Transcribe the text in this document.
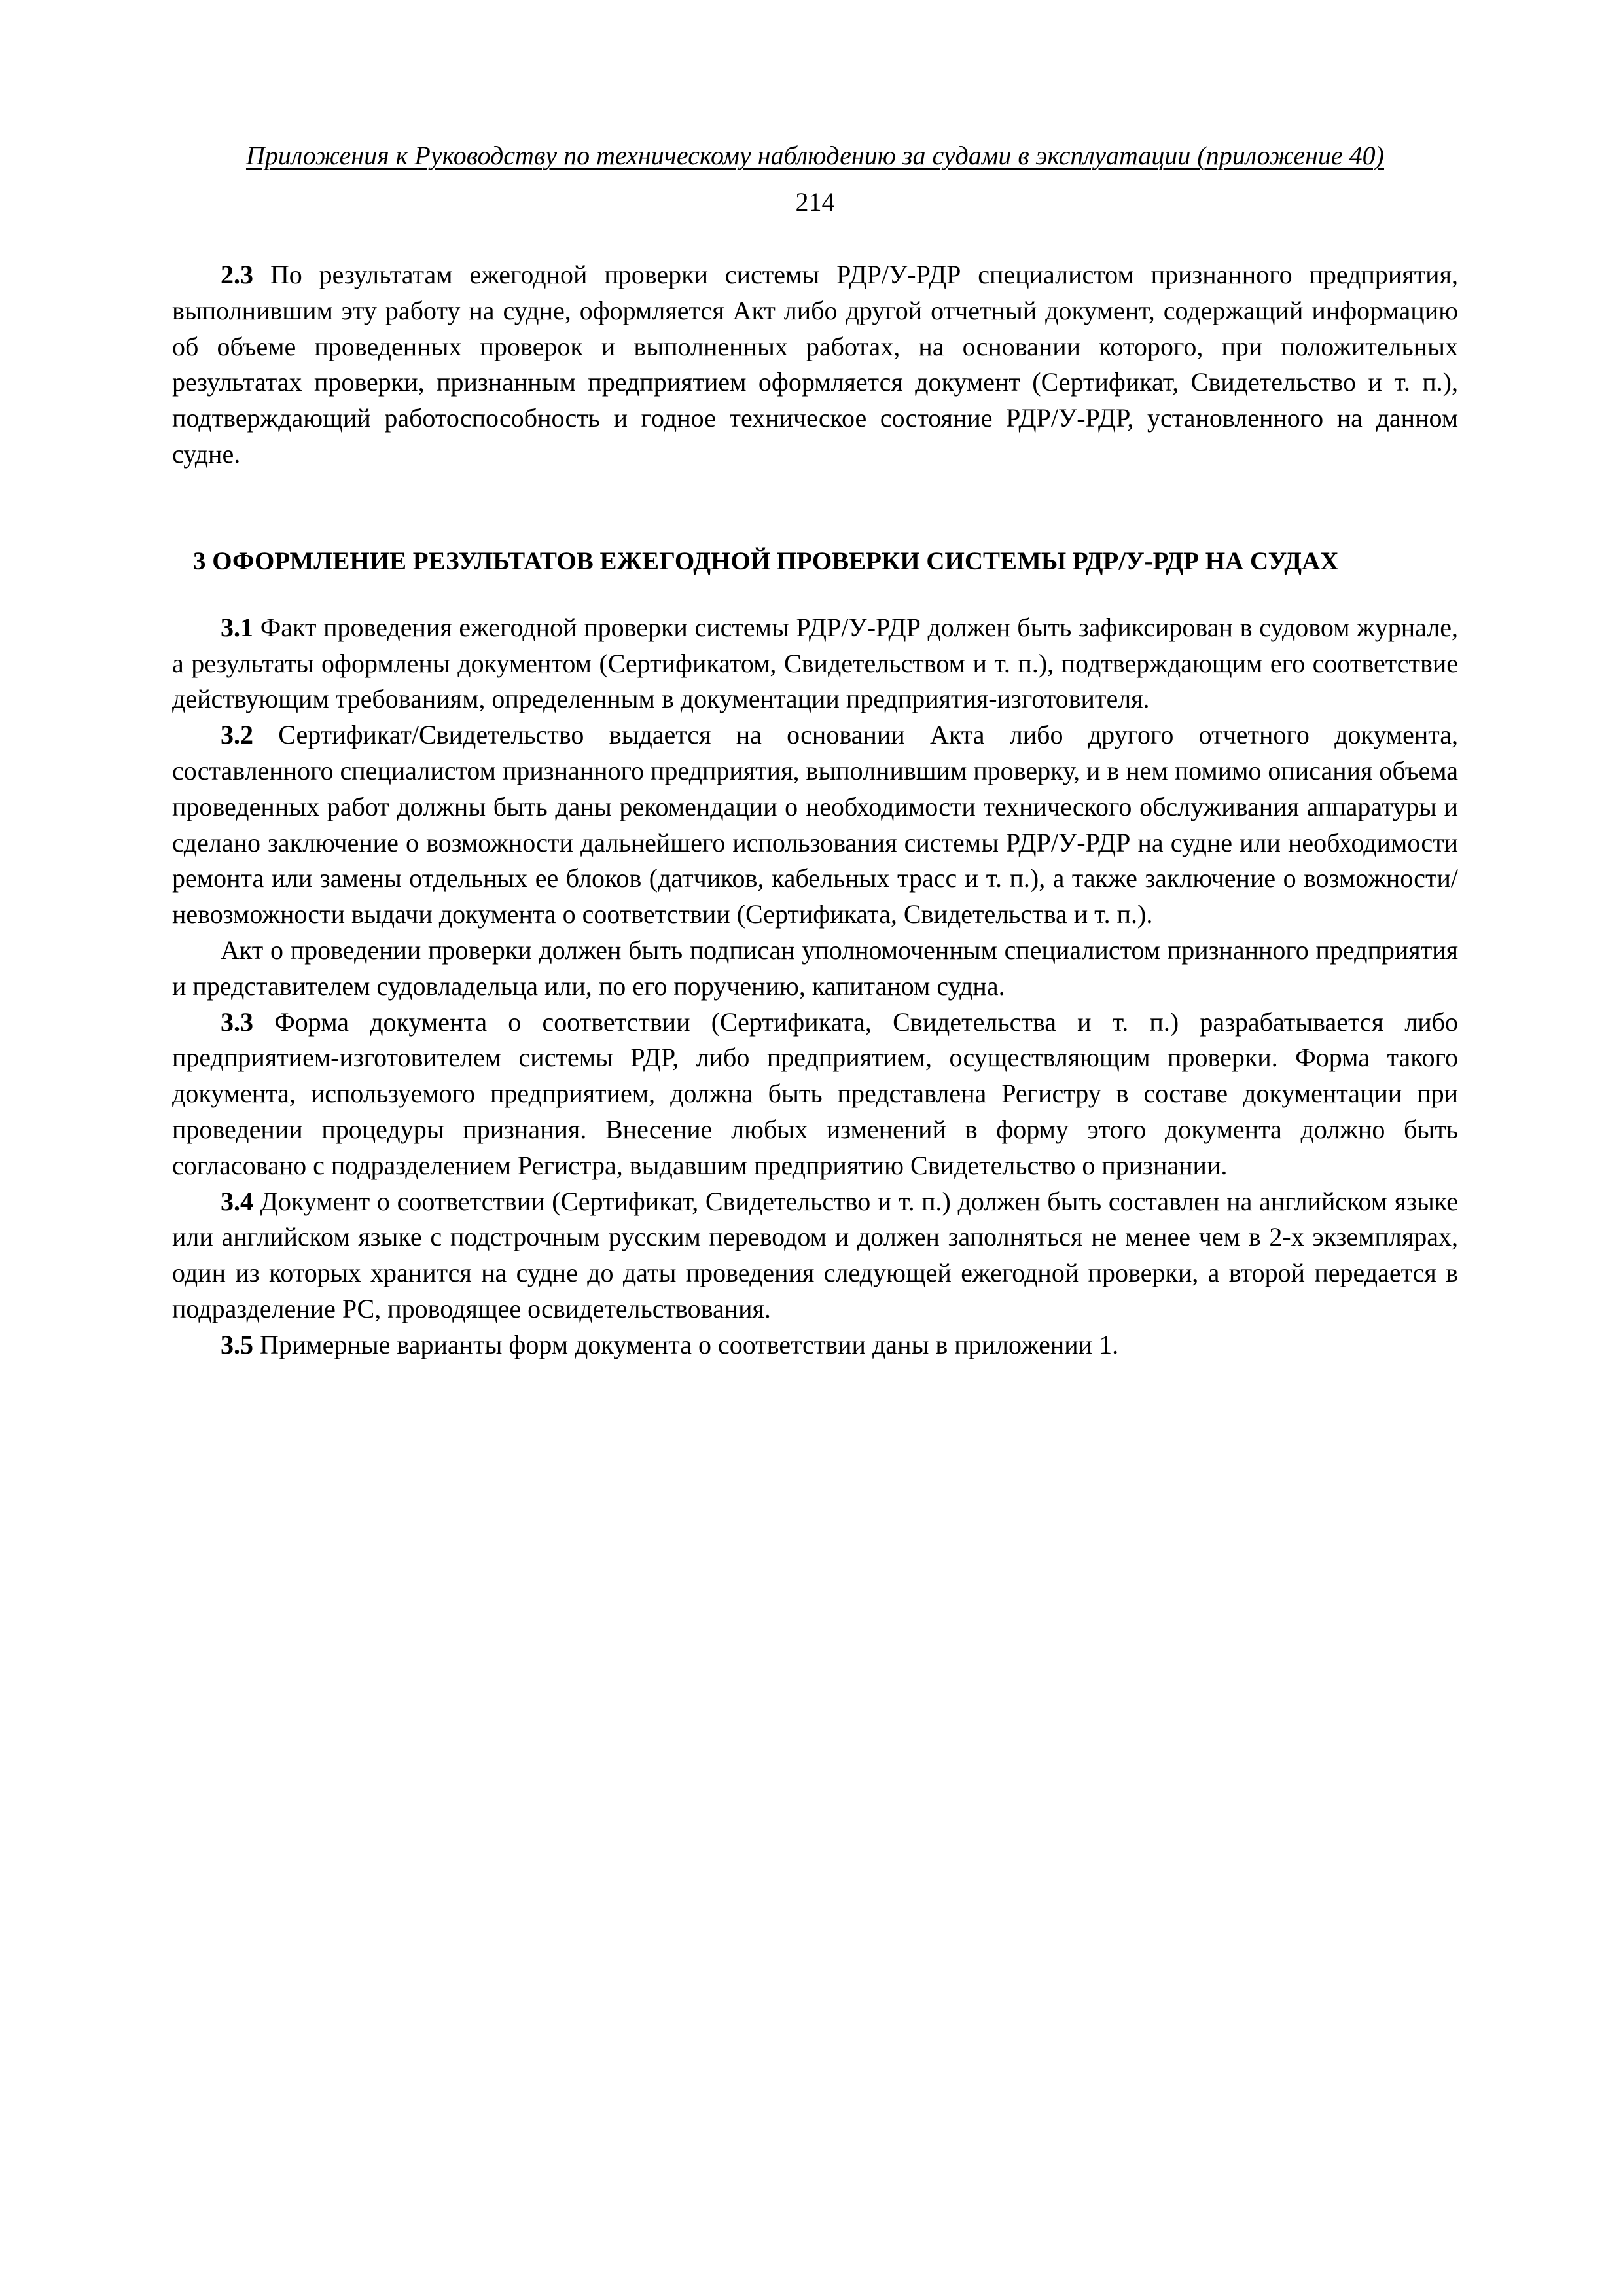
Приложения к Руководству по техническому наблюдению за судами в эксплуатации (приложение 40)
214

2.3 По результатам ежегодной проверки системы РДР/У-РДР специалистом признанного предприятия, выполнившим эту работу на судне, оформляется Акт либо другой отчетный документ, содержащий информацию об объеме проведенных проверок и выполненных работах, на основании которого, при положительных результатах проверки, признанным предприятием оформляется документ (Сертификат, Свидетельство и т. п.), подтверждающий работоспособность и годное техническое состояние РДР/У-РДР, установленного на данном судне.

3 ОФОРМЛЕНИЕ РЕЗУЛЬТАТОВ ЕЖЕГОДНОЙ ПРОВЕРКИ СИСТЕМЫ РДР/У-РДР НА СУДАХ

3.1 Факт проведения ежегодной проверки системы РДР/У-РДР должен быть зафиксирован в судовом журнале, а результаты оформлены документом (Сертификатом, Свидетельством и т. п.), подтверждающим его соответствие действующим требованиям, определенным в документации предприятия-изготовителя.

3.2 Сертификат/Свидетельство выдается на основании Акта либо другого отчетного документа, составленного специалистом признанного предприятия, выполнившим проверку, и в нем помимо описания объема проведенных работ должны быть даны рекомендации о необходимости технического обслуживания аппаратуры и сделано заключение о возможности дальнейшего использования системы РДР/У-РДР на судне или необходимости ремонта или замены отдельных ее блоков (датчиков, кабельных трасс и т. п.), а также заключение о возможности/невозможности выдачи документа о соответствии (Сертификата, Свидетельства и т. п.).

Акт о проведении проверки должен быть подписан уполномоченным специалистом признанного предприятия и представителем судовладельца или, по его поручению, капитаном судна.

3.3 Форма документа о соответствии (Сертификата, Свидетельства и т. п.) разрабатывается либо предприятием-изготовителем системы РДР, либо предприятием, осуществляющим проверки. Форма такого документа, используемого предприятием, должна быть представлена Регистру в составе документации при проведении процедуры признания. Внесение любых изменений в форму этого документа должно быть согласовано с подразделением Регистра, выдавшим предприятию Свидетельство о признании.

3.4 Документ о соответствии (Сертификат, Свидетельство и т. п.) должен быть составлен на английском языке или английском языке с подстрочным русским переводом и должен заполняться не менее чем в 2-х экземплярах, один из которых хранится на судне до даты проведения следующей ежегодной проверки, а второй передается в подразделение РС, проводящее освидетельствования.

3.5 Примерные варианты форм документа о соответствии даны в приложении 1.
